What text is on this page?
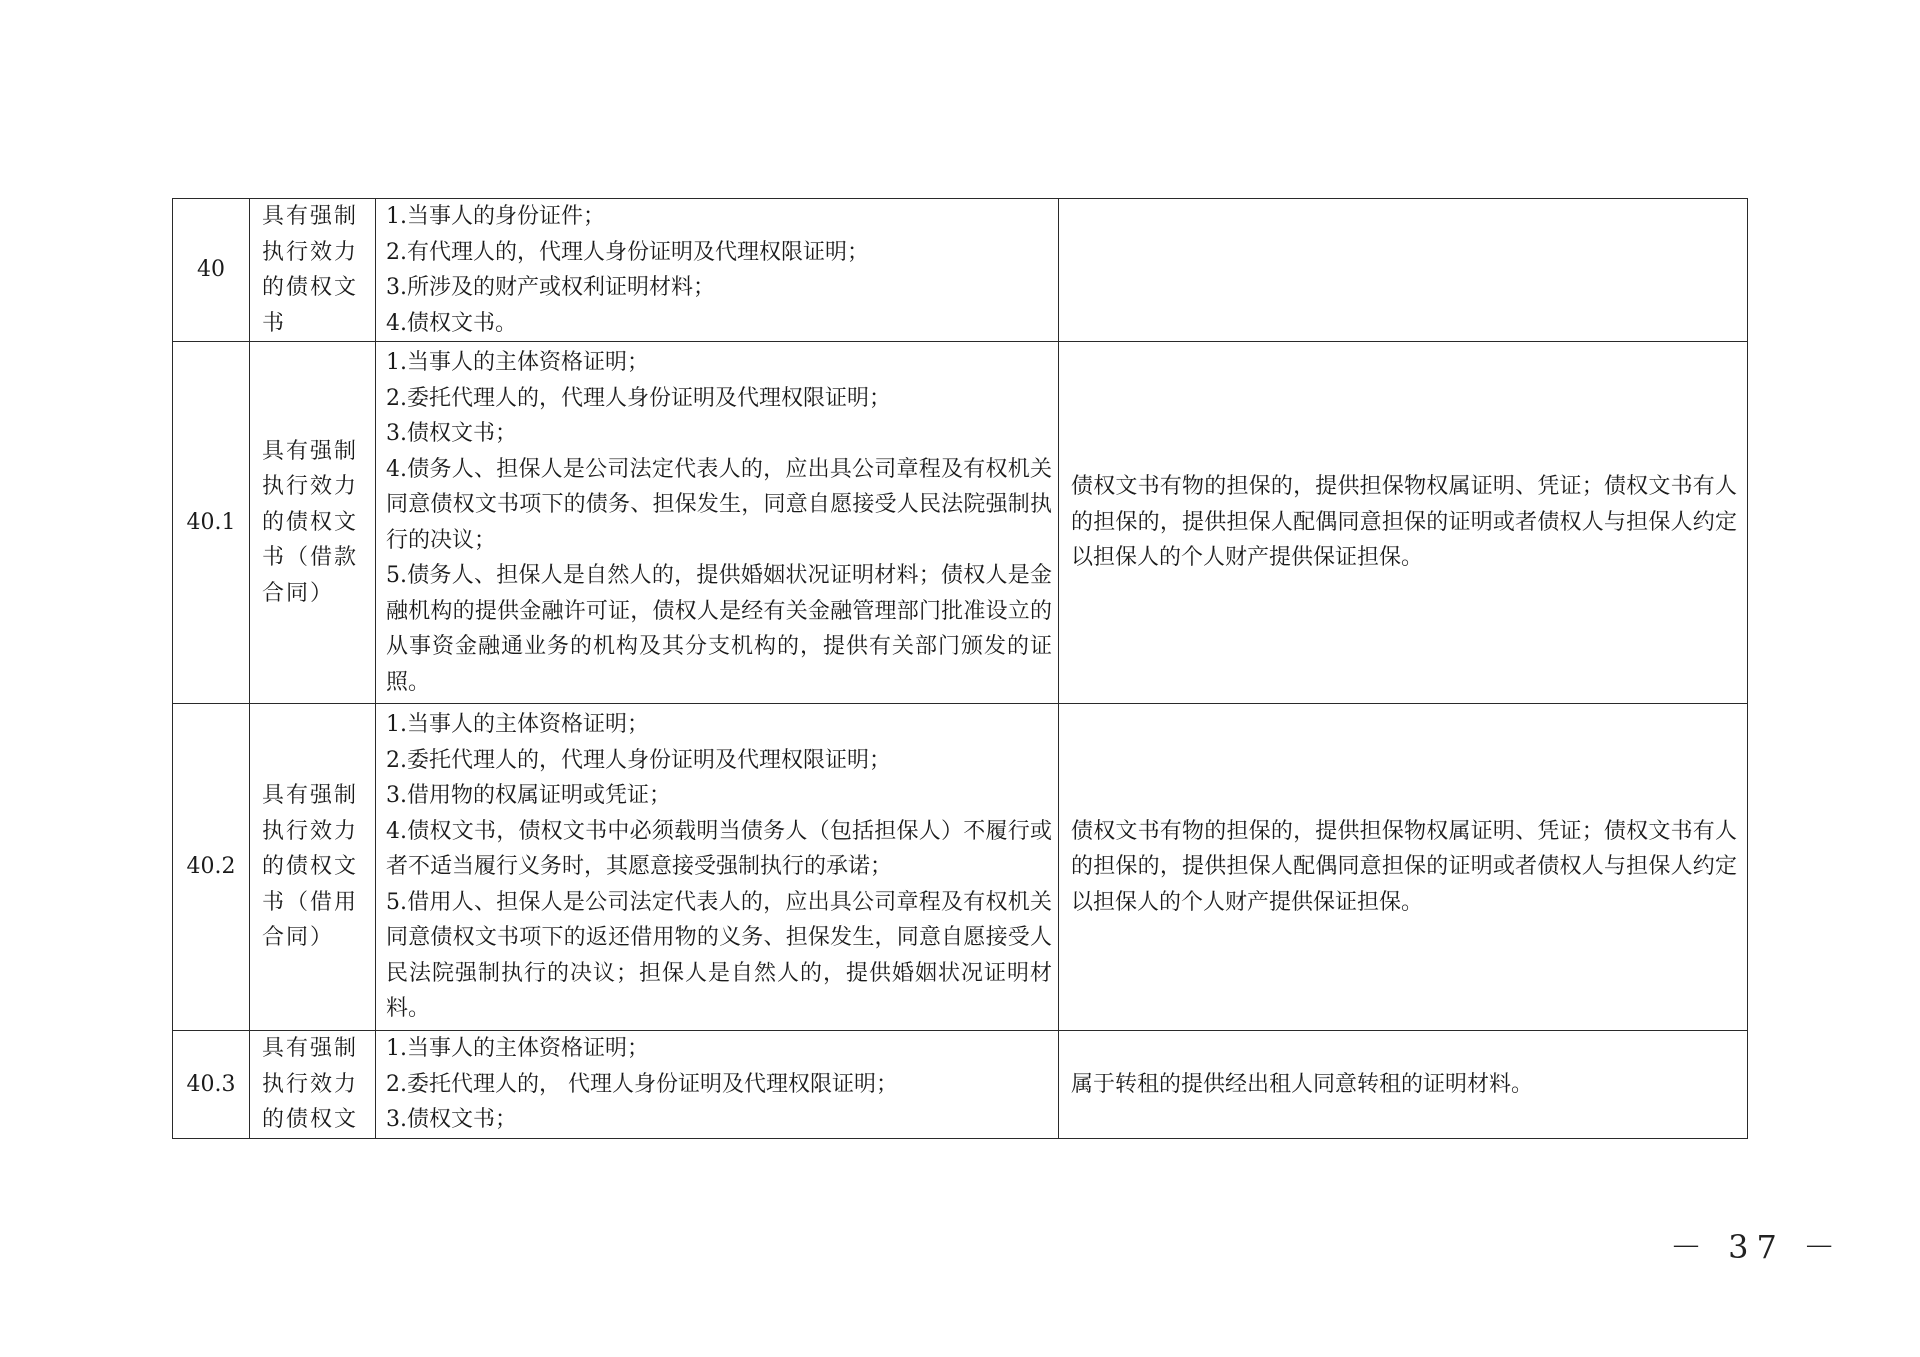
40	具有强制执行效力的债权文书	1.当事人的身份证件；
2.有代理人的，代理人身份证明及代理权限证明；
3.所涉及的财产或权利证明材料；
4.债权文书。	

40.1	具有强制执行效力的债权文书（借款合同）	1.当事人的主体资格证明；
2.委托代理人的，代理人身份证明及代理权限证明；
3.债权文书；
4.债务人、担保人是公司法定代表人的，应出具公司章程及有权机关同意债权文书项下的债务、担保发生，同意自愿接受人民法院强制执行的决议；
5.债务人、担保人是自然人的，提供婚姻状况证明材料；债权人是金融机构的提供金融许可证，债权人是经有关金融管理部门批准设立的从事资金融通业务的机构及其分支机构的，提供有关部门颁发的证照。	债权文书有物的担保的，提供担保物权属证明、凭证；债权文书有人的担保的，提供担保人配偶同意担保的证明或者债权人与担保人约定以担保人的个人财产提供保证担保。
40.2	具有强制执行效力的债权文书（借用合同）	1.当事人的主体资格证明；
2.委托代理人的，代理人身份证明及代理权限证明；
3.借用物的权属证明或凭证；
4.债权文书，债权文书中必须载明当债务人（包括担保人）不履行或者不适当履行义务时，其愿意接受强制执行的承诺；
5.借用人、担保人是公司法定代表人的，应出具公司章程及有权机关同意债权文书项下的返还借用物的义务、担保发生，同意自愿接受人民法院强制执行的决议；担保人是自然人的，提供婚姻状况证明材料。	债权文书有物的担保的，提供担保物权属证明、凭证；债权文书有人的担保的，提供担保人配偶同意担保的证明或者债权人与担保人约定以担保人的个人财产提供保证担保。
40.3	具有强制执行效力的债权文	1.当事人的主体资格证明；
2.委托代理人的， 代理人身份证明及代理权限证明；
3.债权文书；	属于转租的提供经出租人同意转租的证明材料。
－ 37 －
